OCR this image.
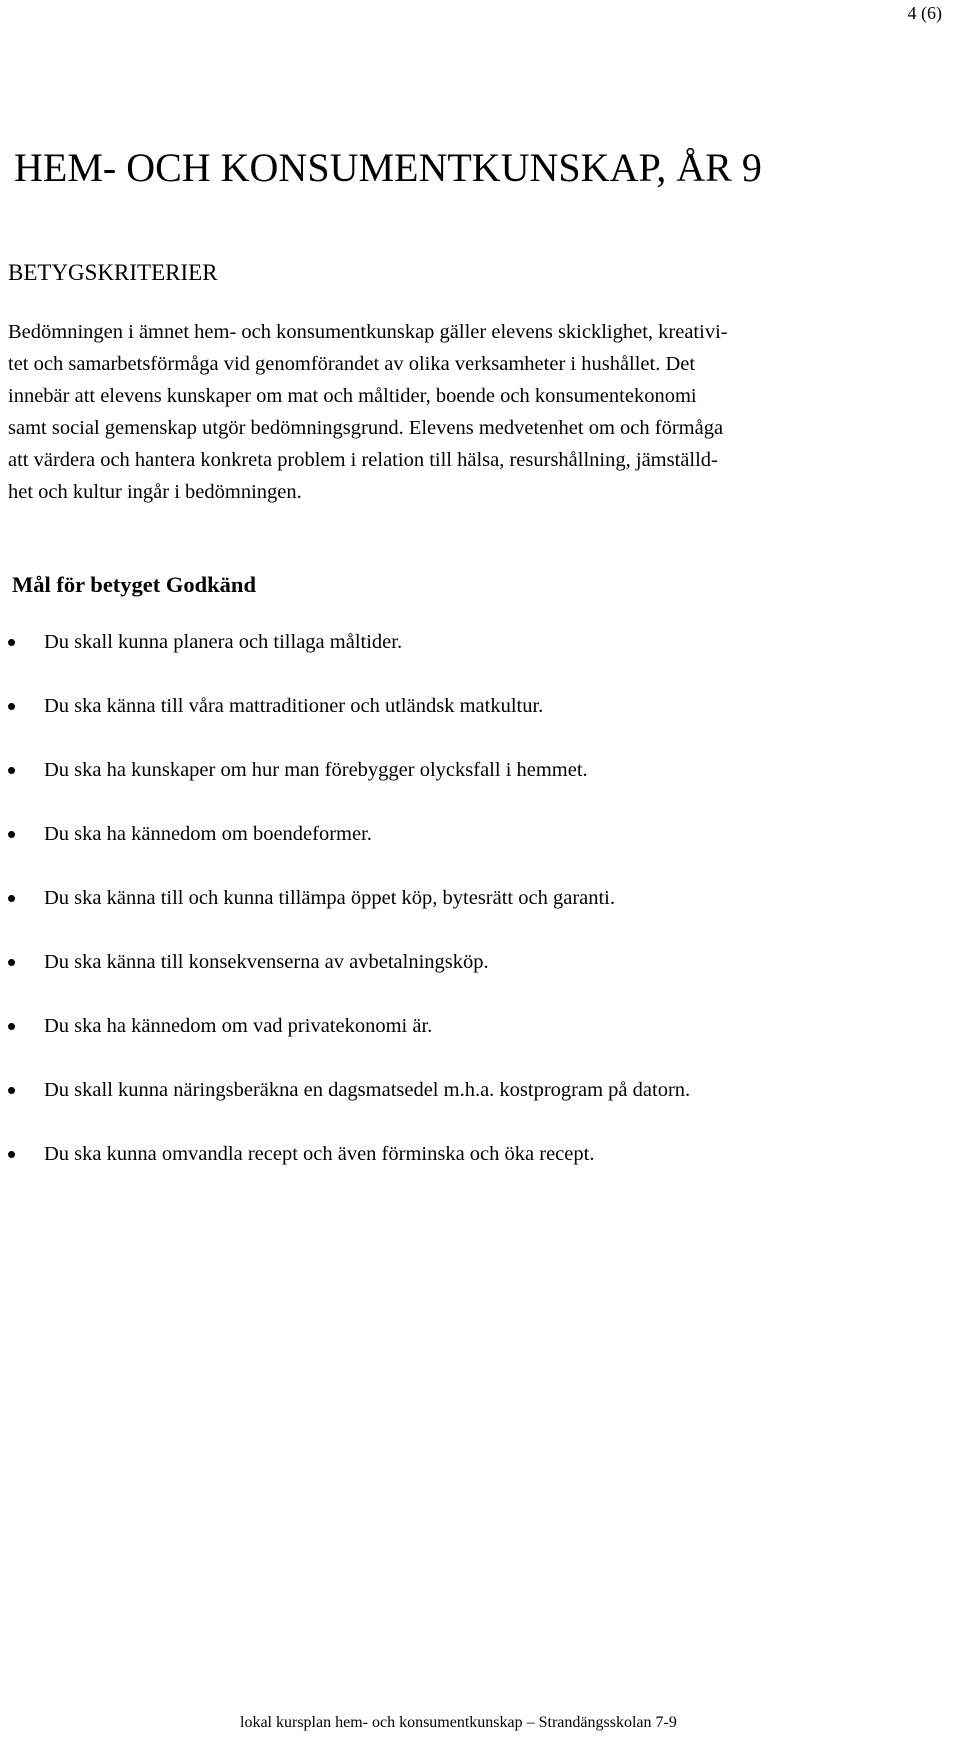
4 (6)
HEM- OCH KONSUMENTKUNSKAP, ÅR 9
BETYGSKRITERIER

Bedömningen i ämnet hem- och konsumentkunskap gäller elevens skicklighet, kreativi-
tet och samarbetsförmåga vid genomförandet av olika verksamheter i hushållet. Det
innebär att elevens kunskaper om mat och måltider, boende och konsumentekonomi
samt social gemenskap utgör bedömningsgrund. Elevens medvetenhet om och förmåga
att värdera och hantera konkreta problem i relation till hälsa, resurshållning, jämställd-
het och kultur ingår i bedömningen.

Mål för betyget Godkänd
Du skall kunna planera och tillaga måltider.
Du ska känna till våra mattraditioner och utländsk matkultur.
Du ska ha kunskaper om hur man förebygger olycksfall i hemmet.
Du ska ha kännedom om boendeformer.
Du ska känna till och kunna tillämpa öppet köp, bytesrätt och garanti.
Du ska känna till konsekvenserna av avbetalningsköp.
Du ska ha kännedom om vad privatekonomi är.
Du skall kunna näringsberäkna en dagsmatsedel m.h.a. kostprogram på datorn.
Du ska kunna omvandla recept och även förminska och öka recept.
lokal kursplan hem- och konsumentkunskap – Strandängsskolan 7-9
